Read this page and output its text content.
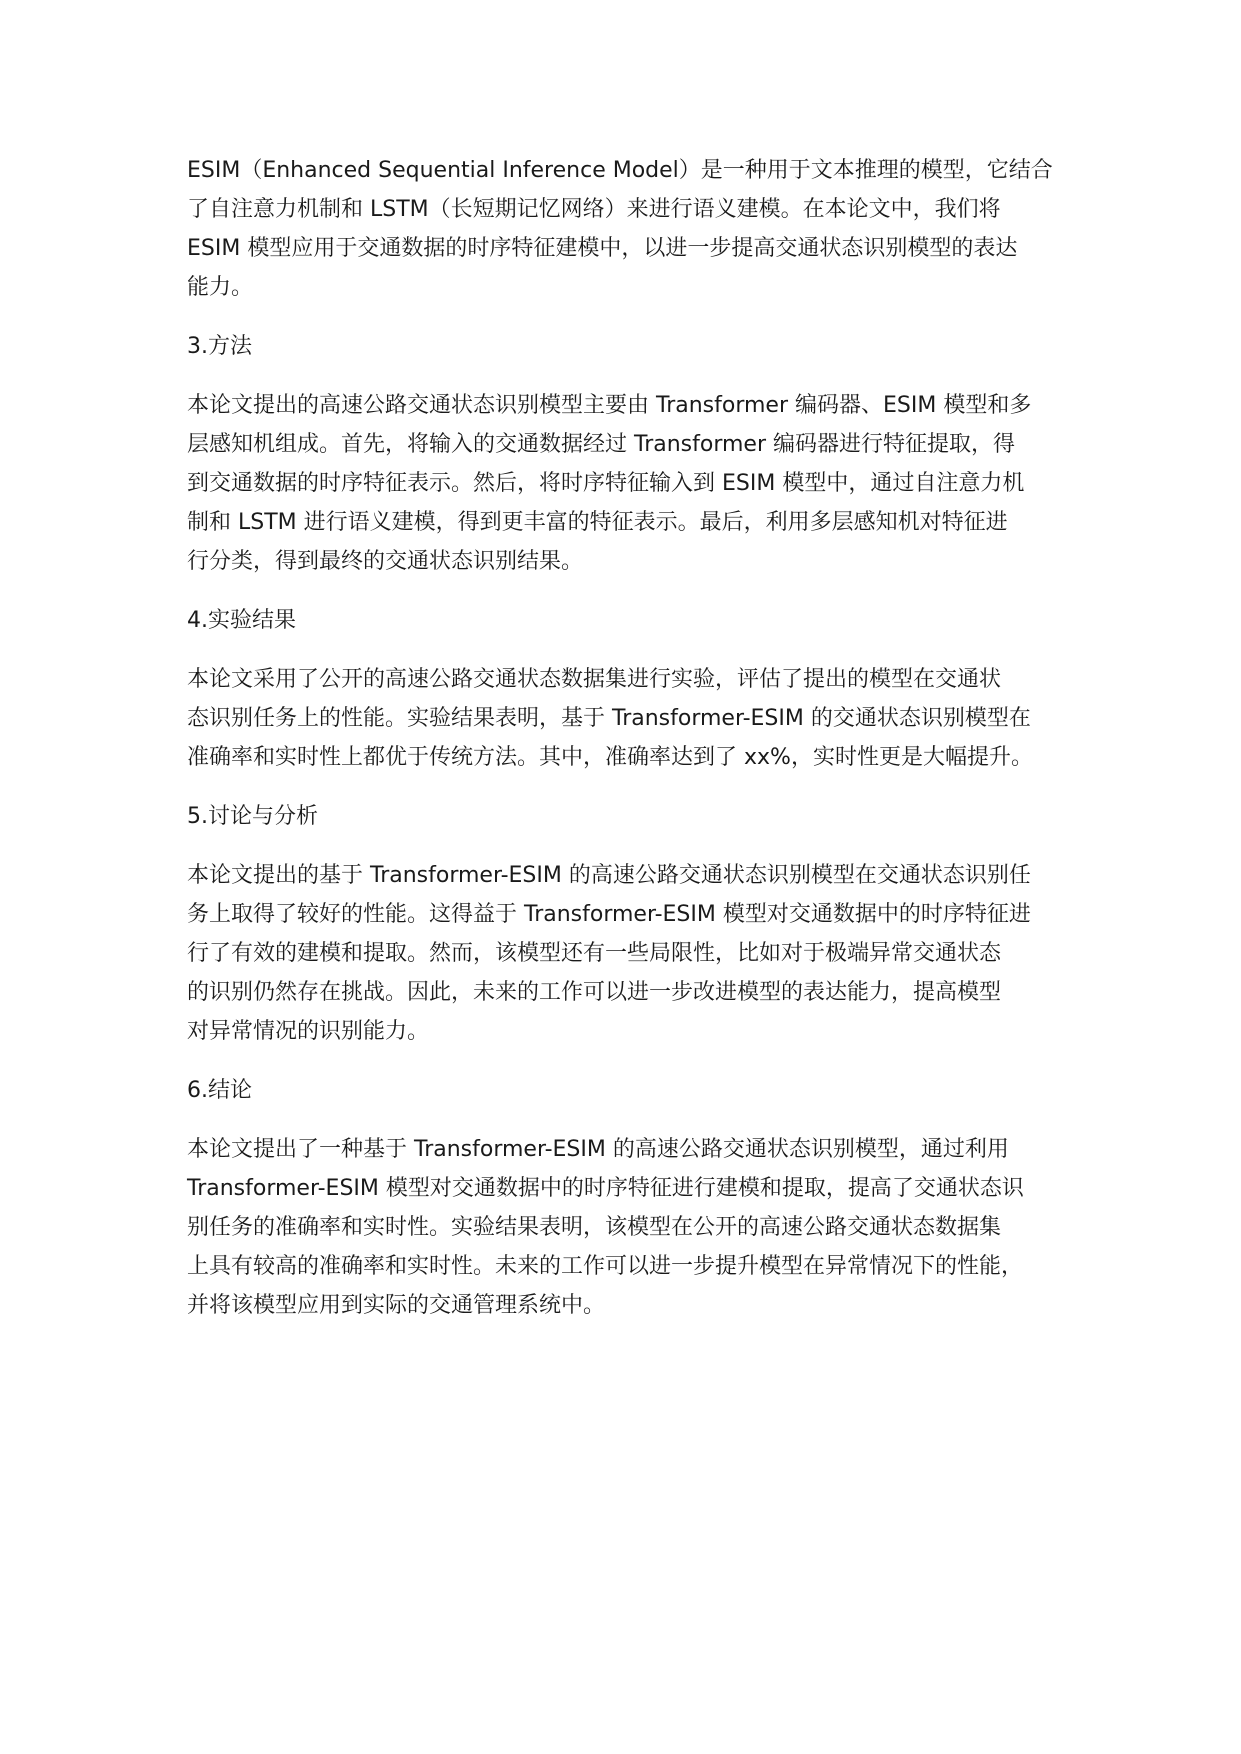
ESIM（Enhanced Sequential Inference Model）是一种用于文本推理的模型，它结合
了自注意力机制和 LSTM（长短期记忆网络）来进行语义建模。在本论文中，我们将
ESIM 模型应用于交通数据的时序特征建模中，以进一步提高交通状态识别模型的表达
能力。
3.方法
本论文提出的高速公路交通状态识别模型主要由 Transformer 编码器、ESIM 模型和多
层感知机组成。首先，将输入的交通数据经过 Transformer 编码器进行特征提取，得
到交通数据的时序特征表示。然后，将时序特征输入到 ESIM 模型中，通过自注意力机
制和 LSTM 进行语义建模，得到更丰富的特征表示。最后，利用多层感知机对特征进
行分类，得到最终的交通状态识别结果。
4.实验结果
本论文采用了公开的高速公路交通状态数据集进行实验，评估了提出的模型在交通状
态识别任务上的性能。实验结果表明，基于 Transformer-ESIM 的交通状态识别模型在
准确率和实时性上都优于传统方法。其中，准确率达到了 xx%，实时性更是大幅提升。
5.讨论与分析
本论文提出的基于 Transformer-ESIM 的高速公路交通状态识别模型在交通状态识别任
务上取得了较好的性能。这得益于 Transformer-ESIM 模型对交通数据中的时序特征进
行了有效的建模和提取。然而，该模型还有一些局限性，比如对于极端异常交通状态
的识别仍然存在挑战。因此，未来的工作可以进一步改进模型的表达能力，提高模型
对异常情况的识别能力。
6.结论
本论文提出了一种基于 Transformer-ESIM 的高速公路交通状态识别模型，通过利用
Transformer-ESIM 模型对交通数据中的时序特征进行建模和提取，提高了交通状态识
别任务的准确率和实时性。实验结果表明，该模型在公开的高速公路交通状态数据集
上具有较高的准确率和实时性。未来的工作可以进一步提升模型在异常情况下的性能，
并将该模型应用到实际的交通管理系统中。
